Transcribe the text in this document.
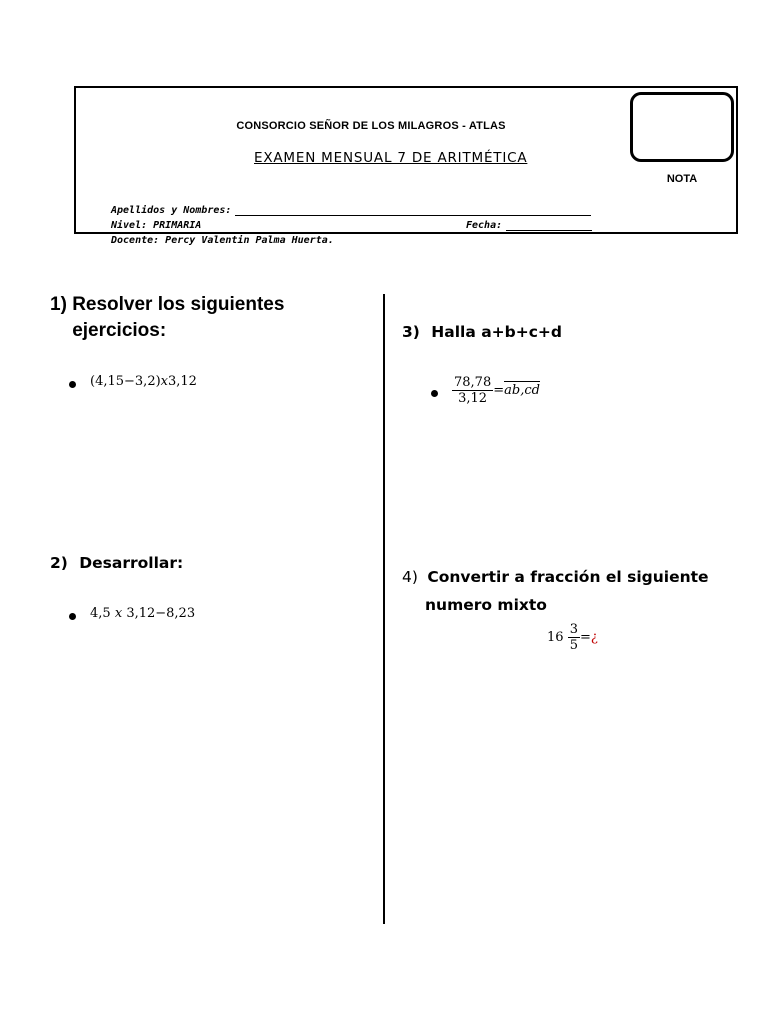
CONSORCIO SEÑOR DE LOS MILAGROS - ATLAS
EXAMEN MENSUAL 7 DE ARITMÉTICA
NOTA
Apellidos y Nombres:
Nivel: PRIMARIA	Fecha:
Docente: Percy Valentin Palma Huerta.
1) Resolver los siguientes ejercicios:
(4,15−3,2)x3,12
2) Desarrollar:
4,5 x 3,12−8,23
3) Halla a+b+c+d
$\frac{78,78}{3,12} =ab,cd$
4) Convertir a fracción el siguiente
numero mixto
$16 \frac{3}{5}$ =¿
